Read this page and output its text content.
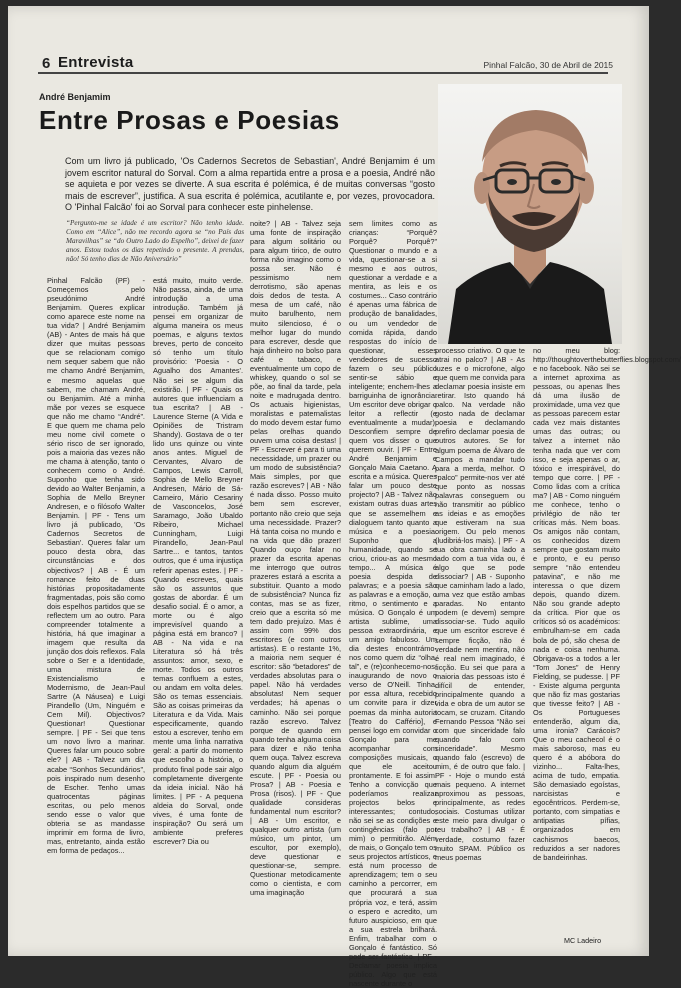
6 Entrevista	Pinhal Falcão, 30 de Abril de 2015
André Benjamim
Entre Prosas e Poesias
Com um livro já publicado, 'Os Cadernos Secretos de Sebastian', André Benjamim é um jovem escritor natural do Sorval. Com a alma repartida entre a prosa e a poesia, André não se aquieta e por vezes se diverte. A sua escrita é polémica, é de muitas conversas “gosto mais de escrever”, justifica. A sua escrita é polémica, acutilante e, por vezes, provocadora. O 'Pinhal Falcão' foi ao Sorval para conhecer este pinhelense.
“Pergunto-me se idade é um escritor? Não tenho idade. Como em “Alice”, não me recordo agora se “no País das Maravilhas” se “do Outro Lado do Espelho”, deixei de fazer anos. Estou todos os dias repetindo o presente. A prendas, não! Só tenho dias de Não Aniversário”
Pinhal Falcão (PF) - Começemos pelo pseudónimo André Benjamim. Queres explicar como aparece este nome na tua vida? | André Benjamim (AB) - Antes de mais há que dizer que muitas pessoas que se relacionam comigo nem sequer sabem que não me chamo André Benjamim, e mesmo aquelas que sabem, me chamam André, ou Benjamim. Até a minha mãe por vezes se esquece que não me chamo “André”. E que quem me chama pelo meu nome civil comete o sério risco de ser ignorado, pois a maioria das vezes não me chama à atenção, tanto o conhecem como o André. Suponho que tenha sido devido ao Walter Benjamin, a Sophia de Mello Breyner Andresen, e o filósofo Walter Benjamin. | PF - Tens um livro já publicado, 'Os Cadernos Secretos de Sebastian'. Queres falar um pouco desta obra, das circunstâncias e dos objectivos? | AB - É um romance feito de duas histórias propositadamente fragmentadas, pois são como dois espelhos partidos que se reflectem um ao outro. Para compreender totalmente a história, há que imaginar a imagem que resulta da junção dos dois reflexos. Fala sobre o Ser e a Identidade, uma mistura de Existencialismo e Modernismo, de Jean-Paul Sartre (A Náusea) e Luigi Pirandello (Um, Ninguém e Cem Mil). Objectivos? Questionar! Questionar sempre. | PF - Sei que tens um novo livro a marinar. Queres falar um pouco sobre ele? | AB - Talvez um dia acabe “Sonhos Secundários”, pois inspirado num desenho de Escher. Tenho umas quatrocentas páginas escritas, ou pelo menos sendo esse o valor que obteria se as mandasse imprimir em forma de livro, mas, entretanto, ainda estão em forma de pedaços...
está muito, muito verde. Não passa, ainda, de uma introdução a uma introdução. Também já pensei em organizar de alguma maneira os meus poemas, e alguns textos breves, perto de conceito só tenho um título provisório: 'Poesia - O Agualho dos Amantes'. Não sei se algum dia existirão. | PF - Quais os autores que influenciam a tua escrita? | AB - Laurence Sterne (A Vida e Opiniões de Tristram Shandy). Gostava de o ter lido uns quinze ou vinte anos antes. Miguel de Cervantes, Alvaro de Campos, Lewis Carroll, Sophia de Mello Breyner Andresen, Mário de Sá-Carneiro, Mário Cesariny de Vasconcelos, José Saramago, João Ubaldo Ribeiro, Michael Cunningham, Luigi Pirandello, Jean-Paul Sartre... e tantos, tantos outros, que é uma injustiça referir apenas estes. | PF - Quando escreves, quais são os assuntos que gostas de abordar. É um desafio social. É o amor, a morte ou é algo imprevisível quando a página está em branco? | AB - Na vida e na Literatura só há três assuntos: amor, sexo, e morte. Todos os outros temas confluem a estes, ou andam em volta deles. São os temas essenciais. São as coisas primeiras da Literatura e da Vida. Mais especificamente, quando estou a escrever, tenho em mente uma linha narrativa geral: a partir do momento que escolho a história, o produto final pode sair algo completamente divergente da ideia inicial. Não há limites. | PF - A pequena aldeia do Sorval, onde vives, é uma fonte de inspiração? Ou será um ambiente preferes escrever? Dia ou
noite? | AB - Talvez seja uma fonte de inspiração para algum solitário ou para algum tirico, de outro forma não imagino como o possa ser. Não é pessimismo nem derrotismo, são apenas dois dedos de testa. A mesa de um café, não muito barulhento, nem muito silencioso, é o melhor lugar do mundo para escrever, desde que haja dinheiro no bolso para café e tabaco, e eventualmente um copo de whiskey, quando o sol se põe, ao final da tarde, pela noite e madrugada dentro. Os actuais higienistas, moralistas e paternalistas do modo devem estar fumo pelas orelhas quando ouvem uma coisa destas! | PF - Escrever é para ti uma necessidade, um prazer ou um modo de subsistência? Mais simples, por que razão escreves? | AB - Não é nada disso. Posso muito bem sem escrever, portanto não creio que seja uma necessidade. Prazer? Há tanta coisa no mundo e na vida que dão prazer! Quando ouço falar no prazer da escrita apenas me interrogo que outros prazeres estará a escrita a substituir. Quanto a modo de subsistência? Nunca fiz contas, mas se as fizer, creio que a escrita só me tem dado prejuízo. Mas é assim com 99% dos escritores (e com outros artistas). E o restante 1%, a maioria nem sequer é escritor: são “betadores” de verdades absolutas para o papel. Não há verdades absolutas! Nem sequer verdades; há apenas o caminho. Não sei porque razão escrevo. Talvez porque de quando em quando tenha alguma coisa para dizer e não tenha quem ouça. Talvez escreva quando algum dia alguém escute. | PF - Poesia ou Prosa? | AB - Poesia e Prosa (risos). | PF - Que qualidade consideras fundamental num escritor? | AB - Um escritor, e qualquer outro artista (um músico, um pintor, um escultor, por exemplo), deve questionar e questionar-se, sempre. Questionar metodicamente como o cientista, e com uma imaginação
sem limites como as crianças: “Porquê? Porquê? Porquê?” Questionar o mundo e a vida, questionar-se a si mesmo e aos outros, questionar a verdade e a mentira, as leis e os costumes... Caso contrário é apenas uma fábrica de produção de banalidades, ou um vendedor de comida rápida, dando respostas do início de questionar, esses vendedores de sucesso fazem o seu público sentir-se sábio e inteligente; enchem-lhes a barriguinha de ignorância. Um escritor deve obrigar o leitor a reflectir (e eventualmente a mudar). Desconfiem sempre de quem vos disser o que querem ouvir. | PF - Entre André Benjamim e Gonçalo Maia Caetano. A escrita e a música. Queres falar um pouco deste projecto? | AB - Talvez não existam outras duas artes que se assemelhem e dialoguem tanto quanto a música e a poesia. Suponho que a humanidade, quando se criou, criou-as ao mesmo tempo... A música é poesia despida de palavras; e a poesia são as palavras e a emoção, o ritmo, o sentimento e a música. O Gonçalo é um artista sublime, uma pessoa extraordinária, e um amigo fabuloso. Um dia destes encontrámo-nos como quem diz “olha, tal”, e (re)conhecemo-nos, inaugurando de novo o verso de O'Neill. Tinha, por essa altura, recebido um convite para ir dizer poemas da minha autoria [Teatro do Caffério], e pensei logo em convidar o Gonçalo para me acompanhar com composições musicais, o que ele aceitou prontamente. E foi assim. Tenho a convicção que poderíamos realizar projectos belos e interessantes; contudo, não sei se as condições e contingências (falo por mim) o permitirão. Além de mais, o Gonçalo tem os seus projectos artísticos, e está num processo de aprendizagem; tem o seu caminho a percorrer, em que procurará a sua própria voz, e terá, assim o espero e acredito, um futuro auspicioso, em que a sua estrela brilhará. Enfim, trabalhar com o Gonçalo é fantástico. Só pode ser fantástico. | PF - Declamar poesia implica público. Algo que está nascente durante o
processo criativo. O que te atrai no palco? | AB - As luzes e o microfone, algo que quem me convida para declamar poesia insiste em retirar. Isto quando há palco. Na verdade não gosto nada de declamar poesia e declamando prefiro declamar poesia de outros autores. Se for algum poema de Álvaro de Campos a mandar tudo para a merda, melhor. O “palco” permite-nos ver até que ponto as nossas palavras conseguem ou não transmitir ao público as ideias e as emoções que estiveram na sua origem. Ou pelo menos (ludibriá-los mais). | PF - A tua obra caminha lado a lado com a tua vida ou, é algo que se pode dissociar? | AB - Suponho que caminham lado a lado, uma vez que estão ambas paradas. No entanto podem (e devem) sempre dissociar-se. Tudo aquilo que um escritor escreve é sempre ficção, não é verdade nem mentira, não é real nem imaginado, é ficção. Eu sei que para a maioria das pessoas isto é difícil de entender, principalmente quando a vida e obra de um autor se tocam, se cruzam. Citando Fernando Pessoa “Não sei com que sinceridade falo quando falo com sinceridade”. Mesmo quando falo (escrevo) de mim, é de outro que falo. | PF - Hoje o mundo está mais pequeno. A internet aproximou as pessoas, principalmente, as redes sociais. Costumas utilizar este meio para divulgar o teu trabalho? | AB - É verdade, costumo fazer muito SPAM. Público os meus poemas
no meu blog: http://thoughtoverthebutterflies.blogspot.com/ e no facebook. Não sei se a internet aproxima as pessoas, ou apenas lhes dá uma ilusão de proximidade, uma vez que as pessoas parecem estar cada vez mais distantes umas das outras; ou talvez a internet não tenha nada que ver com isso, e seja apenas o ar, tóxico e irrespirável, do tempo que corre. | PF - Como lidas com a crítica ma? | AB - Como ninguém me conhece, tenho o privilégio de não ter críticas más. Nem boas. Os amigos não contam, os conhecidos dizem sempre que gostam muito e pronto, e eu penso sempre “não entendeu patavina”, e não me interessa o que dizem depois, quando dizem. Não sou grande adepto da crítica. Pior que os críticos só os académicos: embrulham-se em cada bola de pó, são chesa de nada e coisa nenhuma. Obrigava-os a todos a ler “Tom Jones” de Henry Fielding, se pudesse. | PF - Existe alguma pergunta que não fiz mas gostarias que tivesse feito? | AB - Os Portugueses entenderão, algum dia, uma ironia? Carácois? Que o meu cachecol é o mais saboroso, mas eu quero é a abóbora do vizinho... Falta-lhes, acima de tudo, empatia. São demasiado egoístas, narcisistas e egocêntricos. Perdem-se, portanto, com simpatias e antipatias pífias, organizados em cachismos baecos, reduzidos a ser nadores de bandeirinhas.
MC Ladeiro
